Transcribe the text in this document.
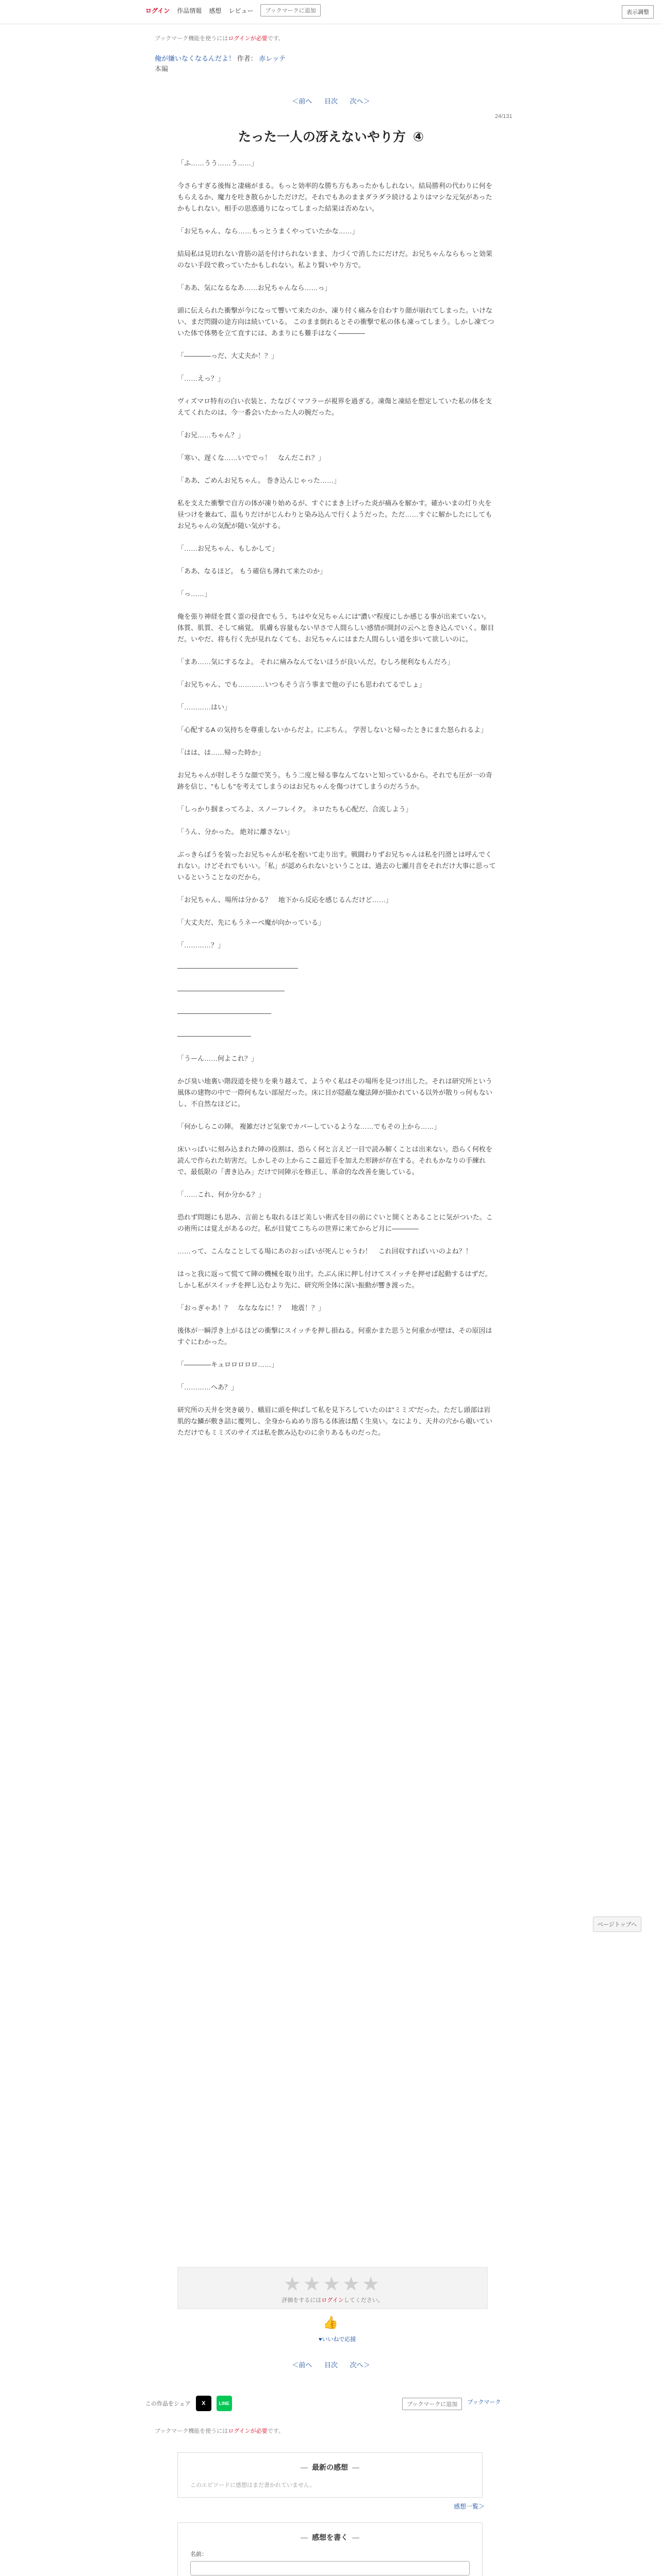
ログイン 作品情報 感想 レビュー	ブックマークに追加	表示調整
ブックマーク機能を使うにはログインが必要です。
俺が嫌いなくなるんだよ！ 作者： 赤レッテ
本編
＜前へ 目次 次へ＞
24/131
たった一人の冴えないやり方 ④

「ふ……うう……う……」

今さらすぎる後悔と凄痛がまる。もっと効率的な勝ち方もあったかもしれない。結局勝利の代わりに何をもらえるか、魔力を吐き散らかしただけだ。それでもあのままダラダラ続けるよりはマシな元気があったかもしれない。相手の思惑通りになってしまった結果は否めない。

「お兄ちゃん、なら……もっとうまくやっていたかな……」

結局私は見切れない背筋の話を付けられないまま、力づくで消したにだけだ。お兄ちゃんならもっと効果のない手段で救っていたかもしれない。私より賢いやり方で。

「ああ、気になるなあ……お兄ちゃんなら……っ」

頭に伝えられた衝撃が今になって響いて来たのか、凍り付く痛みを自わすり顔が崩れてしまった。いけない、まだ閃闘の途方向は続いている。 このまま倒れるとその衝撃で私の体も凍ってしまう。しかし凍てついた体で体勢を立て直すには、あまりにも難手はなく――――

「――――っだ、大丈夫か！？」

「……えっ？」

ヴィズマロ特有の白い衣装と、たなびくマフラーが視界を過ぎる。凍傷と凍結を想定していた私の体を支えてくれたのは、今一番会いたかった人の腕だった。

「お兄……ちゃん？」

「寒い、遅くな……いででっ！　なんだこれ？」

「ああ、ごめんお兄ちゃん。 巻き込んじゃった……」

私を支えた衝撃で自方の体が凍り始めるが、すぐにまき上げった炎が痛みを解かす。確かいまの灯り火を昼つけを兼ねて、温もりだけがじんわりと染み込んで行くようだった。ただ……すぐに解かしたにしてもお兄ちゃんの気配が随い気がする。

「……お兄ちゃん、もしかして」

「ああ、なるほど。 もう確信も薄れて来たのか」

「っ……」

俺を張り神経を貫く霊の侵食でもう、ちはや女兄ちゃんには"濃い"程度にしか感じる事が出来ていない。体質、肌質、そして痛覚。 肌膚も容量もない早さで人間らしい感情が開封の云へと巻き込んでいく。駆目だ。いやだ、将も行く先が見れなくても、お兄ちゃんにはまた人間らしい道を歩いて欲しいのに。

「まあ……気にするなよ。 それに痛みなんてないほうが良いんだ。むしろ便利なもんだろ」

「お兄ちゃん、でも…………いつもそう言う事まで他の子にも思われてるでしょ」

「…………はい」

「心配するA の気持ちを尊重しないからだよ。にぶちん。 学習しないと帰ったときにまた怒られるよ」

「はは、は……帰った時か」

お兄ちゃんが肘しそうな顔で笑う。もう二度と帰る事なんてないと知っているから。それでも圧が一の奇跡を信じ、"もしも"を考えてしまうのはお兄ちゃんを傷つけてしまうのだろうか。

「しっかり掴まってろよ、スノーフレイク。 ネロたちも心配だ、合流しよう」

「うん、分かった。 絶対に離さない」

ぶっきらぼうを装ったお兄ちゃんが私を抱いて走り出す。戦闘わりずお兄ちゃんは私を円滑とは呼んでくれない。けどそれでもいい。「私」が認められないということは、過去の七瀬月音をそれだけ大事に思っているということなのだから。

「お兄ちゃん、場所は分かる？　地下から反応を感じるんだけど……」

「大丈夫だ、先にもうネーベ魔が向かっている」

「…………？」

――――――――――――――――――

――――――――――――――――

――――――――――――――

―――――――――――

「うーん……何よこれ？」

かび臭い地裏い階段道を使りを乗り越えて、ようやく私はその場所を見つけ出した。それは研究所という風体の建物の中で一際何もない部屋だった。床に目が隠蔽な魔法陣が描かれている以外が散りっ何もないし、不自然なほどに。

「何かしらこの陣。 複雑だけど気象でカバーしているような……でもその上から……」

床いっぱいに刻み込まれた陣の役割は、恐らく何と言えど一目で読み解くことは出来ない。恐らく何枚を読んで作られた妨害だ。しかしその上からここ最近手を加えた形跡が存在する。それもかなりの手練れで、最低限の「書き込み」だけで同陣示を修正し、革命的な改善を施している。

「……これ、何か分かる？」

恐れず問題にも思み、言前とも取れるほど美しい術式を目の前にぐいと開くとあることに気がついた。この術所には覚えがあるのだ。私が目覚てこちらの世界に来てからど月に――――

……って、こんなことしてる場にあのおっぱいが死んじゃうわ！　これ回収すればいいのよね？！

はっと我に返って慌てて陣の機械を取り出す。たぶん床に押し付けてスイッチを押せば起動するはずだ。しかし私がスイッチを押し込むより先に、研究所全体に深い振動が響き渡った。

「おっぎゃあ！？　ななななに！？　地震！？」

後体が一瞬浮き上がるほどの衝撃にスイッチを押し損ねる。何重かまた思うと何重かが壁は、その原因はすぐにわかった。

「――――キュロロロロロ……」

「…………へあ？」

研究所の天井を突き破り、蛾眉に頭を伸ばして私を見下ろしていたのは"ミミズ"だった。ただし頭部は岩肌的な鱗が敷き詰に覆列し、全身からぬめり溶ちる体液は酷く生臭い。なにより、天井の穴から覗いていただけでもミミズのサイズは私を飲み込むのに余りあるものだった。

ページトップへ
★★★★★
評価をするにはログインしてください。
👍
♥いいねで応援
＜前へ 目次 次へ＞
この作品をシェア	X	LINE	ブックマークに追加	ブックマーク
ブックマーク機能を使うにはログインが必要です。
— 最新の感想 —
このエピソードに感想はまだ書かれていません。
感想一覧＞
— 感想を書く —
名前：
